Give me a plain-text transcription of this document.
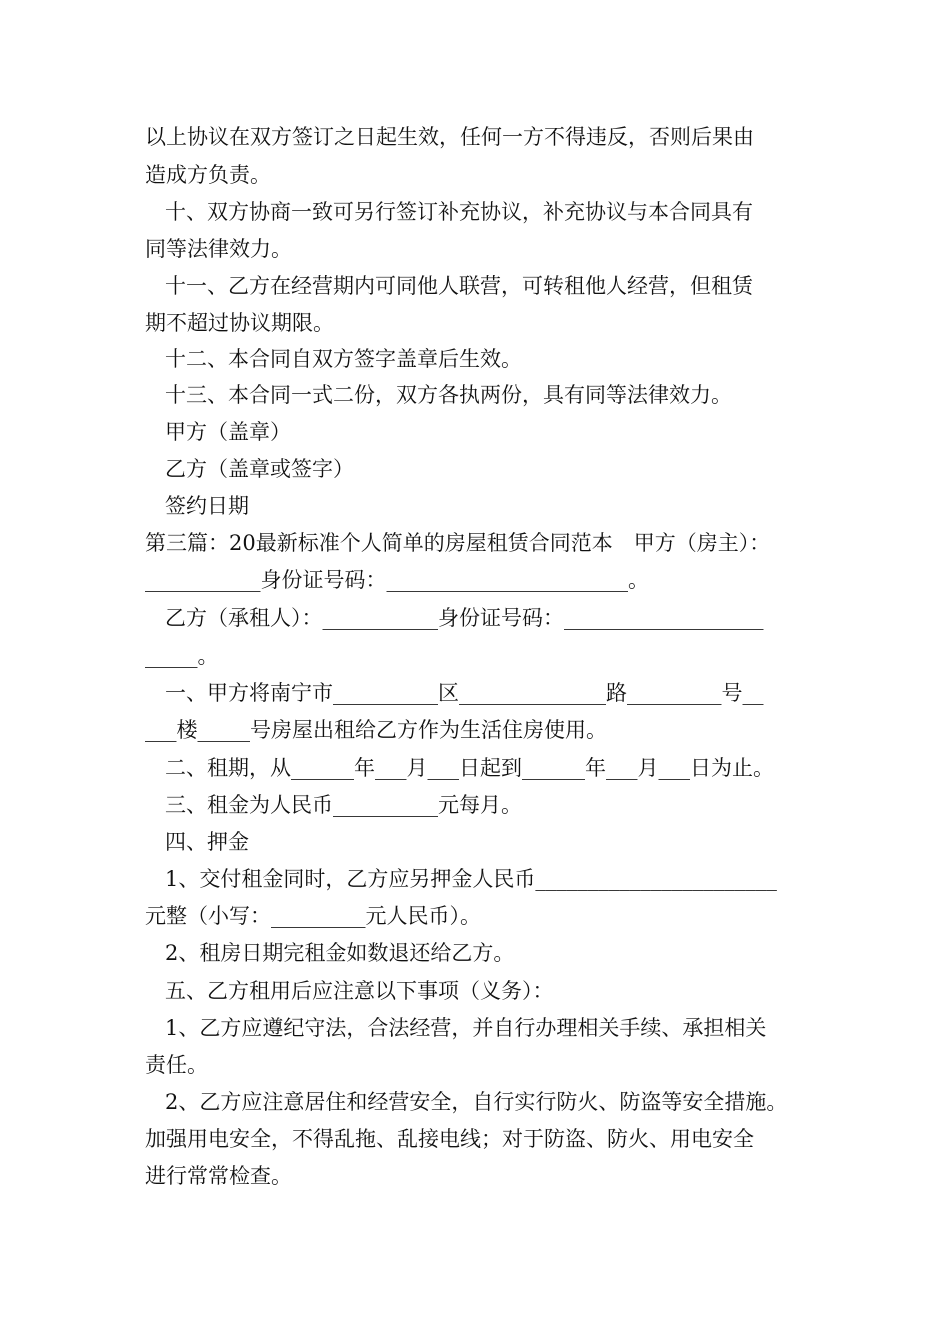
以上协议在双方签订之日起生效，任何一方不得违反，否则后果由
造成方负责。
十、双方协商一致可另行签订补充协议，补充协议与本合同具有
同等法律效力。
十一、乙方在经营期内可同他人联营，可转租他人经营，但租赁
期不超过协议期限。
十二、本合同自双方签字盖章后生效。
十三、本合同一式二份，双方各执两份，具有同等法律效力。
甲方（盖章）
乙方（盖章或签字）
签约日期
第三篇：20最新标准个人简单的房屋租赁合同范本　甲方（房主）：
___________身份证号码：_______________________。
乙方（承租人）：___________身份证号码：___________________
_____。
一、甲方将南宁市__________区______________路_________号__
___楼_____号房屋出租给乙方作为生活住房使用。
二、租期，从______年___月___日起到______年___月___日为止。
三、租金为人民币__________元每月。
四、押金
1、交付租金同时，乙方应另押金人民币_______________________
元整（小写：_________元人民币）。
2、租房日期完租金如数退还给乙方。
五、乙方租用后应注意以下事项（义务）：
1、乙方应遵纪守法，合法经营，并自行办理相关手续、承担相关
责任。
2、乙方应注意居住和经营安全，自行实行防火、防盗等安全措施。
加强用电安全，不得乱拖、乱接电线；对于防盗、防火、用电安全
进行常常检查。
